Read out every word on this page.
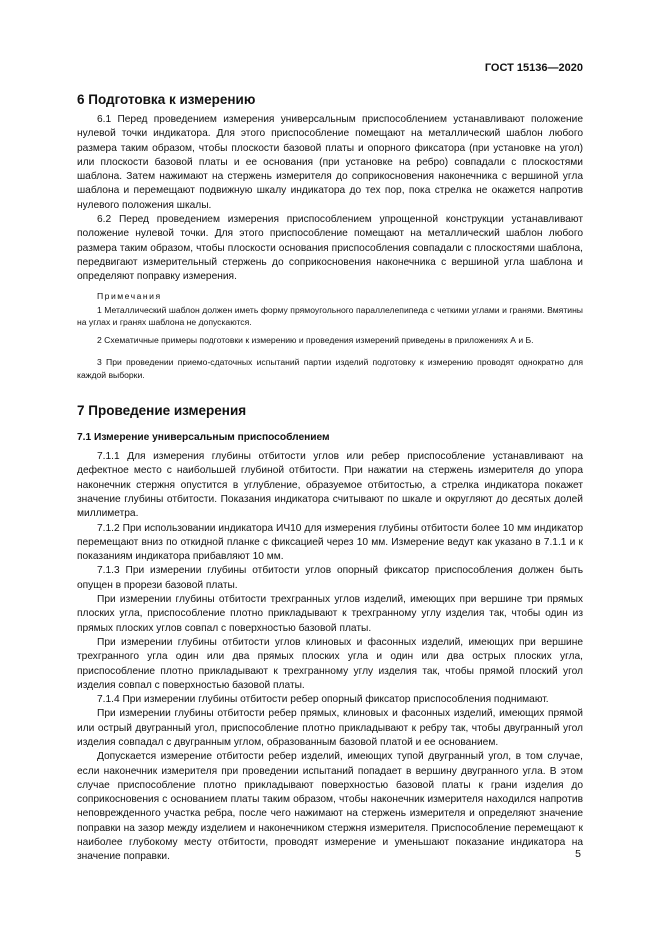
ГОСТ 15136—2020
6 Подготовка к измерению

6.1 Перед проведением измерения универсальным приспособлением устанавливают положение нулевой точки индикатора. Для этого приспособление помещают на металлический шаблон любого размера таким образом, чтобы плоскости базовой платы и опорного фиксатора (при установке на угол) или плоскости базовой платы и ее основания (при установке на ребро) совпадали с плоскостями шаблона. Затем нажимают на стержень измерителя до соприкосновения наконечника с вершиной угла шаблона и перемещают подвижную шкалу индикатора до тех пор, пока стрелка не окажется напротив нулевого положения шкалы.

6.2 Перед проведением измерения приспособлением упрощенной конструкции устанавливают положение нулевой точки. Для этого приспособление помещают на металлический шаблон любого размера таким образом, чтобы плоскости основания приспособления совпадали с плоскостями шаблона, передвигают измерительный стержень до соприкосновения наконечника с вершиной угла шаблона и определяют поправку измерения.

Примечания

1 Металлический шаблон должен иметь форму прямоугольного параллелепипеда с четкими углами и гранями. Вмятины на углах и гранях шаблона не допускаются.

2 Схематичные примеры подготовки к измерению и проведения измерений приведены в приложениях А и Б.

3 При проведении приемо-сдаточных испытаний партии изделий подготовку к измерению проводят однократно для каждой выборки.

7 Проведение измерения

7.1 Измерение универсальным приспособлением

7.1.1 Для измерения глубины отбитости углов или ребер приспособление устанавливают на дефектное место с наибольшей глубиной отбитости. При нажатии на стержень измерителя до упора наконечник стержня опустится в углубление, образуемое отбитостью, а стрелка индикатора покажет значение глубины отбитости. Показания индикатора считывают по шкале и округляют до десятых долей миллиметра.

7.1.2 При использовании индикатора ИЧ10 для измерения глубины отбитости более 10 мм индикатор перемещают вниз по откидной планке с фиксацией через 10 мм. Измерение ведут как указано в 7.1.1 и к показаниям индикатора прибавляют 10 мм.

7.1.3 При измерении глубины отбитости углов опорный фиксатор приспособления должен быть опущен в прорези базовой платы.

При измерении глубины отбитости трехгранных углов изделий, имеющих при вершине три прямых плоских угла, приспособление плотно прикладывают к трехгранному углу изделия так, чтобы один из прямых плоских углов совпал с поверхностью базовой платы.

При измерении глубины отбитости углов клиновых и фасонных изделий, имеющих при вершине трехгранного угла один или два прямых плоских угла и один или два острых плоских угла, приспособление плотно прикладывают к трехгранному углу изделия так, чтобы прямой плоский угол изделия совпал с поверхностью базовой платы.

7.1.4 При измерении глубины отбитости ребер опорный фиксатор приспособления поднимают.

При измерении глубины отбитости ребер прямых, клиновых и фасонных изделий, имеющих прямой или острый двугранный угол, приспособление плотно прикладывают к ребру так, чтобы двугранный угол изделия совпадал с двугранным углом, образованным базовой платой и ее основанием.

Допускается измерение отбитости ребер изделий, имеющих тупой двугранный угол, в том случае, если наконечник измерителя при проведении испытаний попадает в вершину двугранного угла. В этом случае приспособление плотно прикладывают поверхностью базовой платы к грани изделия до соприкосновения с основанием платы таким образом, чтобы наконечник измерителя находился напротив неповрежденного участка ребра, после чего нажимают на стержень измерителя и определяют значение поправки на зазор между изделием и наконечником стержня измерителя. Приспособление перемещают к наиболее глубокому месту отбитости, проводят измерение и уменьшают показание индикатора на значение поправки.	5
